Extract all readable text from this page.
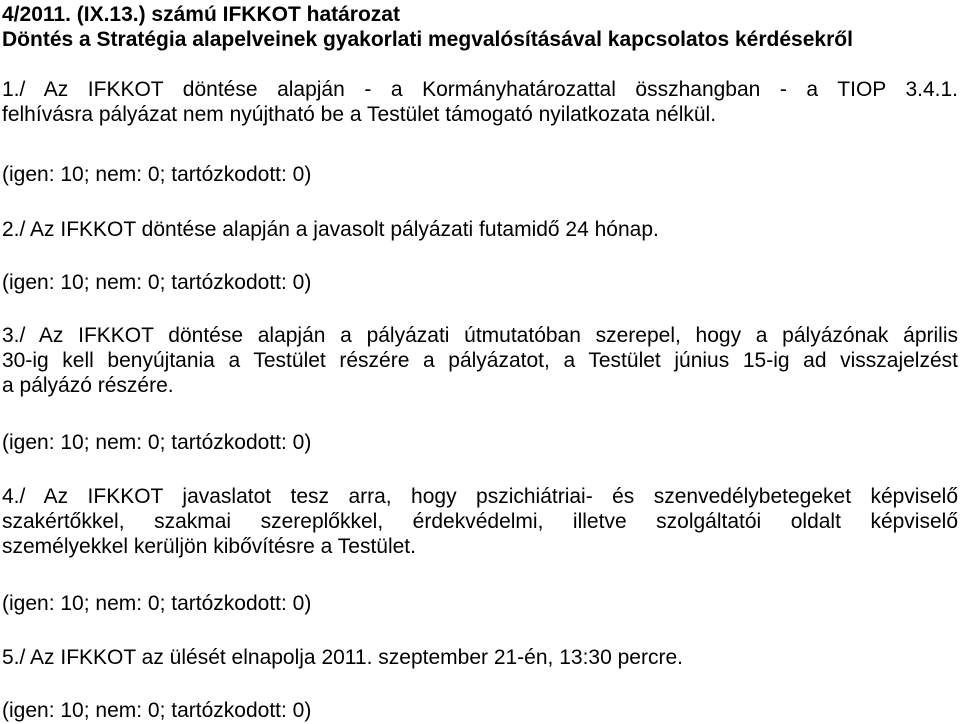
4/2011. (IX.13.) számú IFKKOT határozat
Döntés a Stratégia alapelveinek gyakorlati megvalósításával kapcsolatos kérdésekről
1./ Az IFKKOT döntése alapján - a Kormányhatározattal összhangban - a TIOP 3.4.1.
felhívásra pályázat nem nyújtható be a Testület támogató nyilatkozata nélkül.
(igen: 10; nem: 0; tartózkodott: 0)
2./ Az IFKKOT döntése alapján a javasolt pályázati futamidő 24 hónap.
(igen: 10; nem: 0; tartózkodott: 0)
3./ Az IFKKOT döntése alapján a pályázati útmutatóban szerepel, hogy a pályázónak április
30-ig kell benyújtania a Testület részére a pályázatot, a Testület június 15-ig ad visszajelzést
a pályázó részére.
(igen: 10; nem: 0; tartózkodott: 0)
4./ Az IFKKOT javaslatot tesz arra, hogy pszichiátriai- és szenvedélybetegeket képviselő
szakértőkkel, szakmai szereplőkkel, érdekvédelmi, illetve szolgáltatói oldalt képviselő
személyekkel kerüljön kibővítésre a Testület.
(igen: 10; nem: 0; tartózkodott: 0)
5./ Az IFKKOT az ülését elnapolja 2011. szeptember 21-én, 13:30 percre.
(igen: 10; nem: 0; tartózkodott: 0)
